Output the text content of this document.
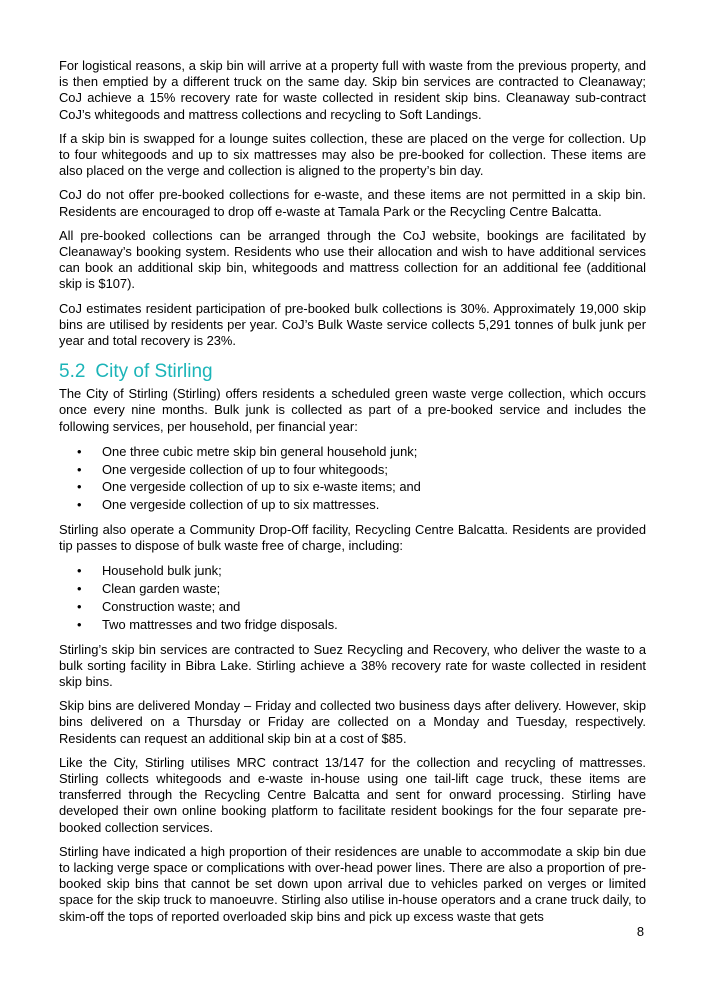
For logistical reasons, a skip bin will arrive at a property full with waste from the previous property, and is then emptied by a different truck on the same day. Skip bin services are contracted to Cleanaway; CoJ achieve a 15% recovery rate for waste collected in resident skip bins. Cleanaway sub-contract CoJ’s whitegoods and mattress collections and recycling to Soft Landings.

If a skip bin is swapped for a lounge suites collection, these are placed on the verge for collection. Up to four whitegoods and up to six mattresses may also be pre-booked for collection. These items are also placed on the verge and collection is aligned to the property’s bin day.

CoJ do not offer pre-booked collections for e-waste, and these items are not permitted in a skip bin. Residents are encouraged to drop off e-waste at Tamala Park or the Recycling Centre Balcatta.

All pre-booked collections can be arranged through the CoJ website, bookings are facilitated by Cleanaway’s booking system. Residents who use their allocation and wish to have additional services can book an additional skip bin, whitegoods and mattress collection for an additional fee (additional skip is $107).

CoJ estimates resident participation of pre-booked bulk collections is 30%. Approximately 19,000 skip bins are utilised by residents per year. CoJ’s Bulk Waste service collects 5,291 tonnes of bulk junk per year and total recovery is 23%.

5.2 City of Stirling

The City of Stirling (Stirling) offers residents a scheduled green waste verge collection, which occurs once every nine months. Bulk junk is collected as part of a pre-booked service and includes the following services, per household, per financial year:

• One three cubic metre skip bin general household junk;
• One vergeside collection of up to four whitegoods;
• One vergeside collection of up to six e-waste items; and
• One vergeside collection of up to six mattresses.

Stirling also operate a Community Drop-Off facility, Recycling Centre Balcatta. Residents are provided tip passes to dispose of bulk waste free of charge, including:

• Household bulk junk;
• Clean garden waste;
• Construction waste; and
• Two mattresses and two fridge disposals.

Stirling’s skip bin services are contracted to Suez Recycling and Recovery, who deliver the waste to a bulk sorting facility in Bibra Lake. Stirling achieve a 38% recovery rate for waste collected in resident skip bins.

Skip bins are delivered Monday – Friday and collected two business days after delivery. However, skip bins delivered on a Thursday or Friday are collected on a Monday and Tuesday, respectively. Residents can request an additional skip bin at a cost of $85.

Like the City, Stirling utilises MRC contract 13/147 for the collection and recycling of mattresses. Stirling collects whitegoods and e-waste in-house using one tail-lift cage truck, these items are transferred through the Recycling Centre Balcatta and sent for onward processing. Stirling have developed their own online booking platform to facilitate resident bookings for the four separate pre-booked collection services.

Stirling have indicated a high proportion of their residences are unable to accommodate a skip bin due to lacking verge space or complications with over-head power lines. There are also a proportion of pre-booked skip bins that cannot be set down upon arrival due to vehicles parked on verges or limited space for the skip truck to manoeuvre. Stirling also utilise in-house operators and a crane truck daily, to skim-off the tops of reported overloaded skip bins and pick up excess waste that gets

8
